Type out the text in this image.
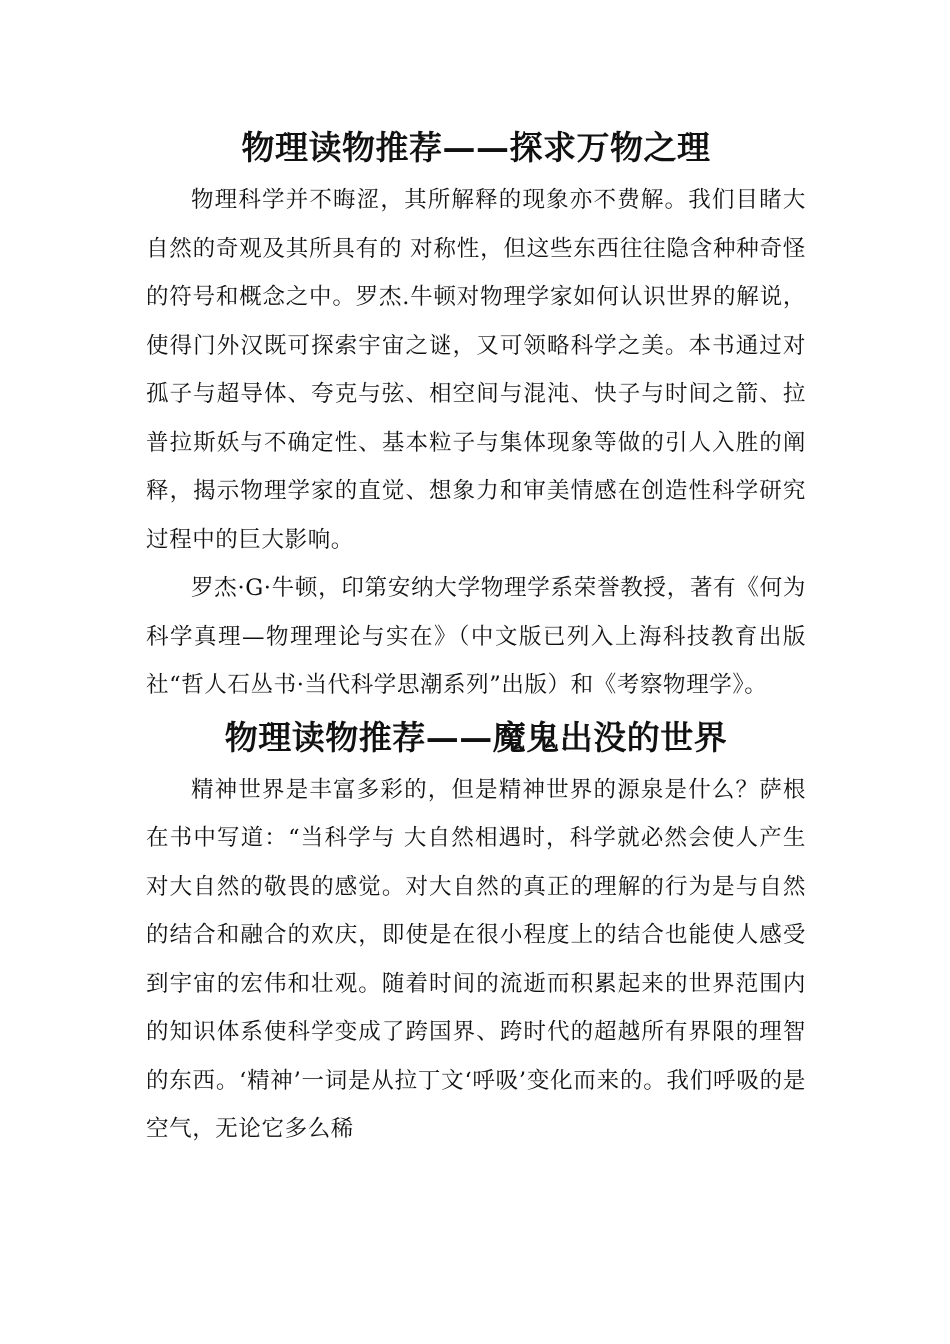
物理读物推荐——探求万物之理

物理科学并不晦涩，其所解释的现象亦不费解。我们目睹大自然的奇观及其所具有的 对称性，但这些东西往往隐含种种奇怪的符号和概念之中。罗杰.牛顿对物理学家如何认识世界的解说，使得门外汉既可探索宇宙之谜，又可领略科学之美。本书通过对孤子与超导体、夸克与弦、相空间与混沌、快子与时间之箭、拉普拉斯妖与不确定性、基本粒子与集体现象等做的引人入胜的阐释，揭示物理学家的直觉、想象力和审美情感在创造性科学研究过程中的巨大影响。

罗杰·G·牛顿，印第安纳大学物理学系荣誉教授，著有《何为科学真理—物理理论与实在》（中文版已列入上海科技教育出版社“哲人石丛书·当代科学思潮系列”出版）和《考察物理学》。

物理读物推荐——魔鬼出没的世界

精神世界是丰富多彩的，但是精神世界的源泉是什么？萨根在书中写道：“当科学与 大自然相遇时，科学就必然会使人产生对大自然的敬畏的感觉。对大自然的真正的理解的行为是与自然的结合和融合的欢庆，即使是在很小程度上的结合也能使人感受到宇宙的宏伟和壮观。随着时间的流逝而积累起来的世界范围内的知识体系使科学变成了跨国界、跨时代的超越所有界限的理智的东西。‘精神’一词是从拉丁文‘呼吸’变化而来的。我们呼吸的是空气，无论它多么稀
